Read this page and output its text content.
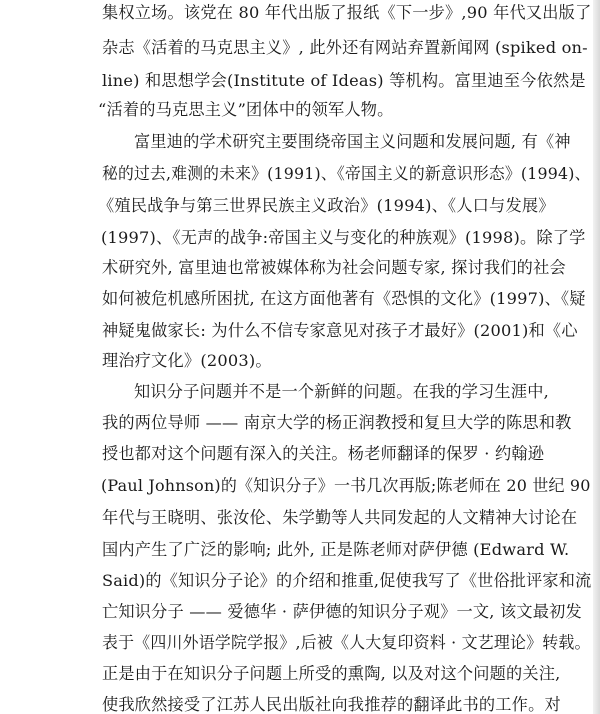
集权立场。该党在 80 年代出版了报纸《下一步》,90 年代又出版了
杂志《活着的马克思主义》, 此外还有网站弃置新闻网 (spiked on-
line) 和思想学会(Institute of Ideas) 等机构。富里迪至今依然是
“活着的马克思主义”团体中的领军人物。
富里迪的学术研究主要围绕帝国主义问题和发展问题, 有《神
秘的过去,难测的未来》(1991)、《帝国主义的新意识形态》(1994)、
《殖民战争与第三世界民族主义政治》(1994)、《人口与发展》
(1997)、《无声的战争:帝国主义与变化的种族观》(1998)。除了学
术研究外, 富里迪也常被媒体称为社会问题专家, 探讨我们的社会
如何被危机感所困扰, 在这方面他著有《恐惧的文化》(1997)、《疑
神疑鬼做家长: 为什么不信专家意见对孩子才最好》(2001)和《心
理治疗文化》(2003)。
知识分子问题并不是一个新鲜的问题。在我的学习生涯中,
我的两位导师 —— 南京大学的杨正润教授和复旦大学的陈思和教
授也都对这个问题有深入的关注。杨老师翻译的保罗 · 约翰逊
(Paul Johnson)的《知识分子》一书几次再版;陈老师在 20 世纪 90
年代与王晓明、张汝伦、朱学勤等人共同发起的人文精神大讨论在
国内产生了广泛的影响; 此外, 正是陈老师对萨伊德 (Edward W.
Said)的《知识分子论》的介绍和推重,促使我写了《世俗批评家和流
亡知识分子 —— 爱德华 · 萨伊德的知识分子观》一文, 该文最初发
表于《四川外语学院学报》,后被《人大复印资料 · 文艺理论》转载。
正是由于在知识分子问题上所受的熏陶, 以及对这个问题的关注,
使我欣然接受了江苏人民出版社向我推荐的翻译此书的工作。对
